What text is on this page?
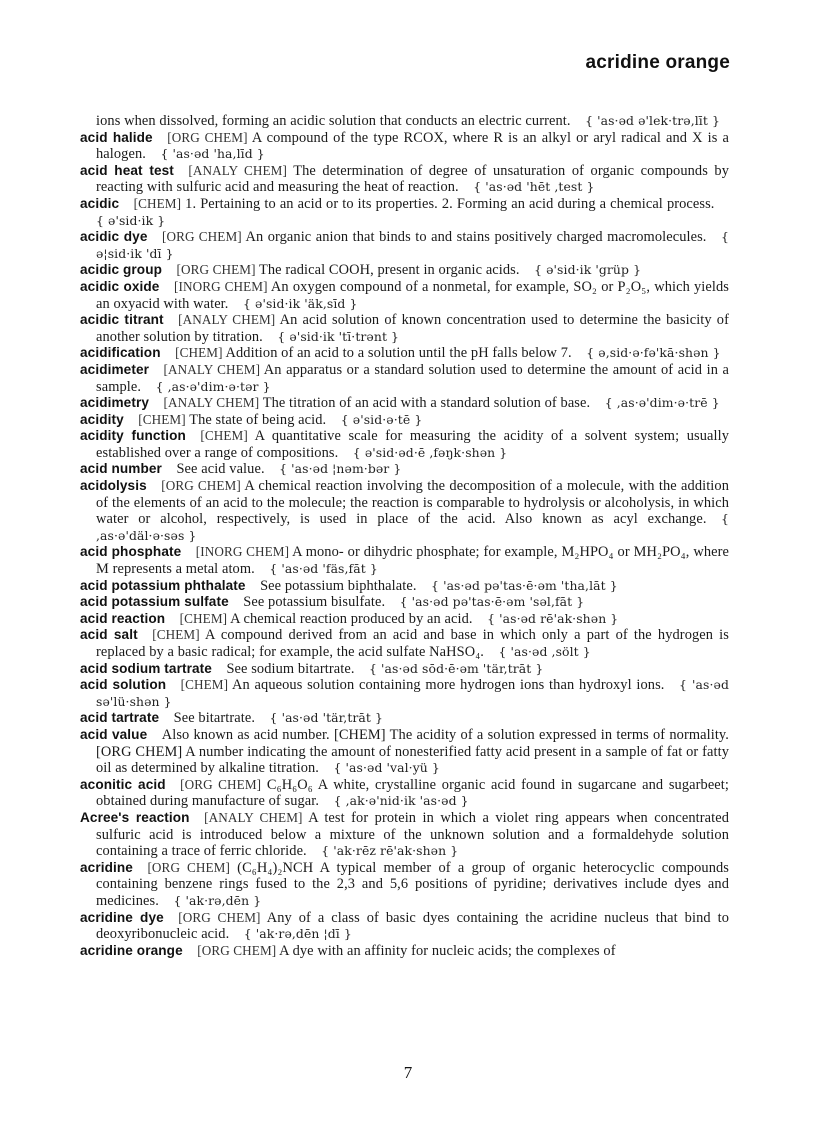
acridine orange

ions when dissolved, forming an acidic solution that conducts an electric current.  { 'as·əd ə'lek·trə,līt }

acid halide  [ORG CHEM] A compound of the type RCOX, where R is an alkyl or aryl radical and X is a halogen.  { 'as·əd 'ha,līd }

acid heat test  [ANALY CHEM] The determination of degree of unsaturation of organic compounds by reacting with sulfuric acid and measuring the heat of reaction.  { 'as·əd 'hēt ,test }

acidic  [CHEM] 1. Pertaining to an acid or to its properties. 2. Forming an acid during a chemical process. { ə'sid·ik }

acidic dye  [ORG CHEM] An organic anion that binds to and stains positively charged macromolecules.  { ə¦sid·ik 'dī }

acidic group  [ORG CHEM] The radical COOH, present in organic acids.  { ə'sid·ik 'grüp }

acidic oxide  [INORG CHEM] An oxygen compound of a nonmetal, for example, SO₂ or P₂O₅, which yields an oxyacid with water.  { ə'sid·ik 'äk,sīd }

acidic titrant  [ANALY CHEM] An acid solution of known concentration used to determine the basicity of another solution by titration.  { ə'sid·ik 'tī·trənt }

acidification  [CHEM] Addition of an acid to a solution until the pH falls below 7.  { ə,sid·ə·fə'kā·shən }

acidimeter  [ANALY CHEM] An apparatus or a standard solution used to determine the amount of acid in a sample.  { ,as·ə'dim·ə·tər }

acidimetry  [ANALY CHEM] The titration of an acid with a standard solution of base.  { ,as·ə'dim·ə·trē }

acidity  [CHEM] The state of being acid.  { ə'sid·ə·tē }

acidity function  [CHEM] A quantitative scale for measuring the acidity of a solvent system; usually established over a range of compositions.  { ə'sid·əd·ē ,fəŋk·shən }

acid number  See acid value.  { 'as·əd ¦nəm·bər }

acidolysis  [ORG CHEM] A chemical reaction involving the decomposition of a molecule, with the addition of the elements of an acid to the molecule; the reaction is comparable to hydrolysis or alcoholysis, in which water or alcohol, respectively, is used in place of the acid. Also known as acyl exchange.  { ,as·ə'däl·ə·səs }

acid phosphate  [INORG CHEM] A mono- or dihydric phosphate; for example, M₂HPO₄ or MH₂PO₄, where M represents a metal atom.  { 'as·əd 'fäs,fāt }

acid potassium phthalate  See potassium biphthalate.  { 'as·əd pə'tas·ē·əm 'tha,lāt }

acid potassium sulfate  See potassium bisulfate.  { 'as·əd pə'tas·ē·əm 'səl,fāt }

acid reaction  [CHEM] A chemical reaction produced by an acid.  { 'as·əd rē'ak·shən }

acid salt  [CHEM] A compound derived from an acid and base in which only a part of the hydrogen is replaced by a basic radical; for example, the acid sulfate NaHSO₄.  { 'as·əd ,sölt }

acid sodium tartrate  See sodium bitartrate.  { 'as·əd sōd·ē·əm 'tär,trāt }

acid solution  [CHEM] An aqueous solution containing more hydrogen ions than hydroxyl ions.  { 'as·əd sə'lü·shən }

acid tartrate  See bitartrate.  { 'as·əd 'tär,trāt }

acid value  Also known as acid number. [CHEM] The acidity of a solution expressed in terms of normality. [ORG CHEM] A number indicating the amount of nonesterified fatty acid present in a sample of fat or fatty oil as determined by alkaline titration.  { 'as·əd 'val·yü }

aconitic acid  [ORG CHEM] C₆H₆O₆ A white, crystalline organic acid found in sugarcane and sugarbeet; obtained during manufacture of sugar.  { ,ak·ə'nid·ik 'as·əd }

Acree's reaction  [ANALY CHEM] A test for protein in which a violet ring appears when concentrated sulfuric acid is introduced below a mixture of the unknown solution and a formaldehyde solution containing a trace of ferric chloride.  { 'ak·rēz rē'ak·shən }

acridine  [ORG CHEM] (C₆H₄)₂NCH A typical member of a group of organic heterocyclic compounds containing benzene rings fused to the 2,3 and 5,6 positions of pyridine; derivatives include dyes and medicines.  { 'ak·rə,dēn }

acridine dye  [ORG CHEM] Any of a class of basic dyes containing the acridine nucleus that bind to deoxyribonucleic acid.  { 'ak·rə,dēn ¦dī }

acridine orange  [ORG CHEM] A dye with an affinity for nucleic acids; the complexes of

7
